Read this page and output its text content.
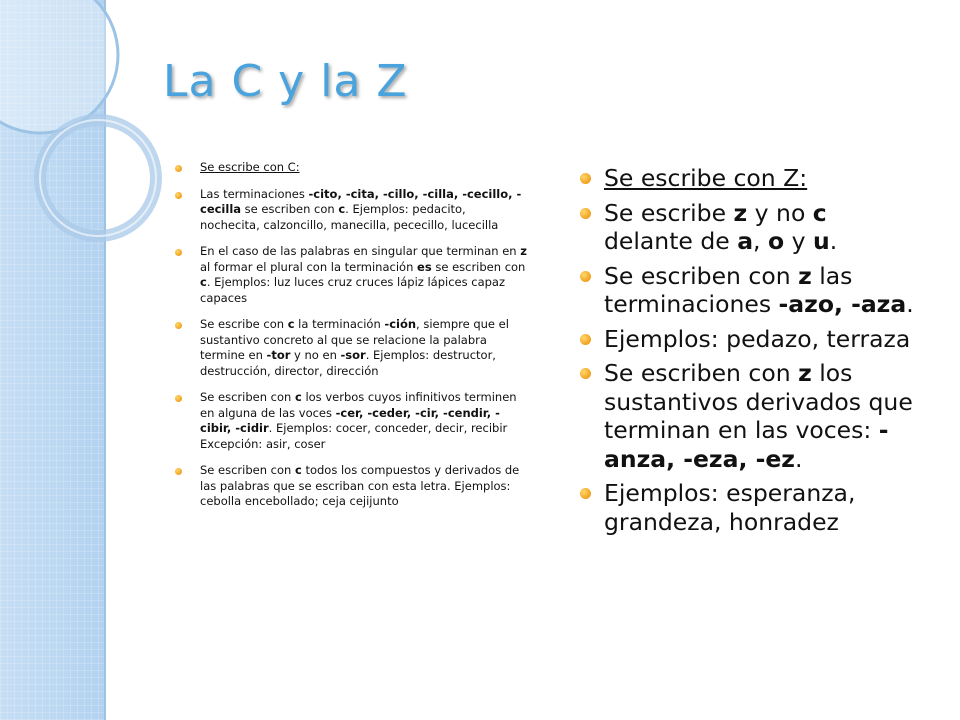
La C y la Z
Se escribe con C:
Las terminaciones -cito, -cita, -cillo, -cilla, -cecillo, -cecilla se escriben con c. Ejemplos: pedacito, nochecita, calzoncillo, manecilla, pececillo, lucecilla
En el caso de las palabras en singular que terminan en z al formar el plural con la terminación es se escriben con c. Ejemplos: luz luces cruz cruces lápiz lápices capaz capaces
Se escribe con c la terminación -ción, siempre que el sustantivo concreto al que se relacione la palabra termine en -tor y no en -sor. Ejemplos: destructor, destrucción, director, dirección
Se escriben con c los verbos cuyos infinitivos terminen en alguna de las voces -cer, -ceder, -cir, -cendir, -cibir, -cidir. Ejemplos: cocer, conceder, decir, recibir Excepción: asir, coser
Se escriben con c todos los compuestos y derivados de las palabras que se escriban con esta letra. Ejemplos: cebolla encebollado; ceja cejijunto
Se escribe con Z:
Se escribe z y no c delante de a, o y u.
Se escriben con z las terminaciones -azo, -aza.
Ejemplos: pedazo, terraza
Se escriben con z los sustantivos derivados que terminan en las voces: -anza, -eza, -ez.
Ejemplos: esperanza, grandeza, honradez
